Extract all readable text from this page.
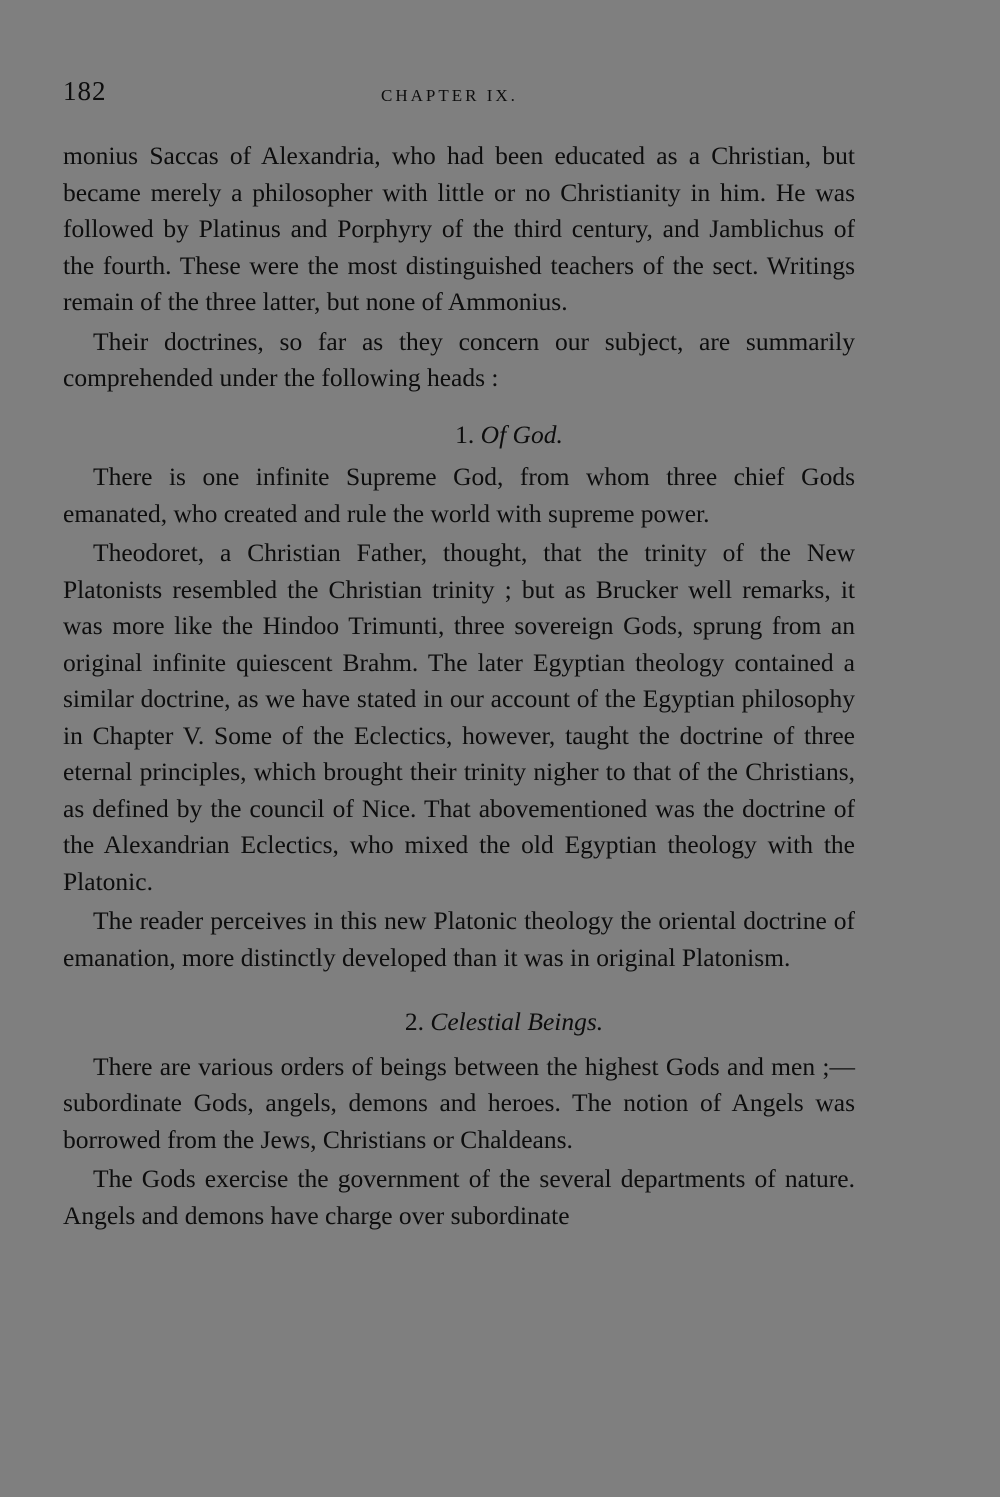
182	CHAPTER IX.

monius Saccas of Alexandria, who had been educated as a Christian, but became merely a philosopher with little or no Christianity in him. He was followed by Platinus and Porphyry of the third century, and Jamblichus of the fourth. These were the most distinguished teachers of the sect. Writings remain of the three latter, but none of Ammonius.

Their doctrines, so far as they concern our subject, are summarily comprehended under the following heads :

1. Of God.

There is one infinite Supreme God, from whom three chief Gods emanated, who created and rule the world with supreme power.

Theodoret, a Christian Father, thought, that the trinity of the New Platonists resembled the Christian trinity ; but as Brucker well remarks, it was more like the Hindoo Trimunti, three sovereign Gods, sprung from an original infinite quiescent Brahm. The later Egyptian theology contained a similar doctrine, as we have stated in our account of the Egyptian philosophy in Chapter V. Some of the Eclectics, however, taught the doctrine of three eternal principles, which brought their trinity nigher to that of the Christians, as defined by the council of Nice. That abovementioned was the doctrine of the Alexandrian Eclectics, who mixed the old Egyptian theology with the Platonic.

The reader perceives in this new Platonic theology the oriental doctrine of emanation, more distinctly developed than it was in original Platonism.

2. Celestial Beings.

There are various orders of beings between the highest Gods and men ;—subordinate Gods, angels, demons and heroes. The notion of Angels was borrowed from the Jews, Christians or Chaldeans.

The Gods exercise the government of the several departments of nature. Angels and demons have charge over subordinate
